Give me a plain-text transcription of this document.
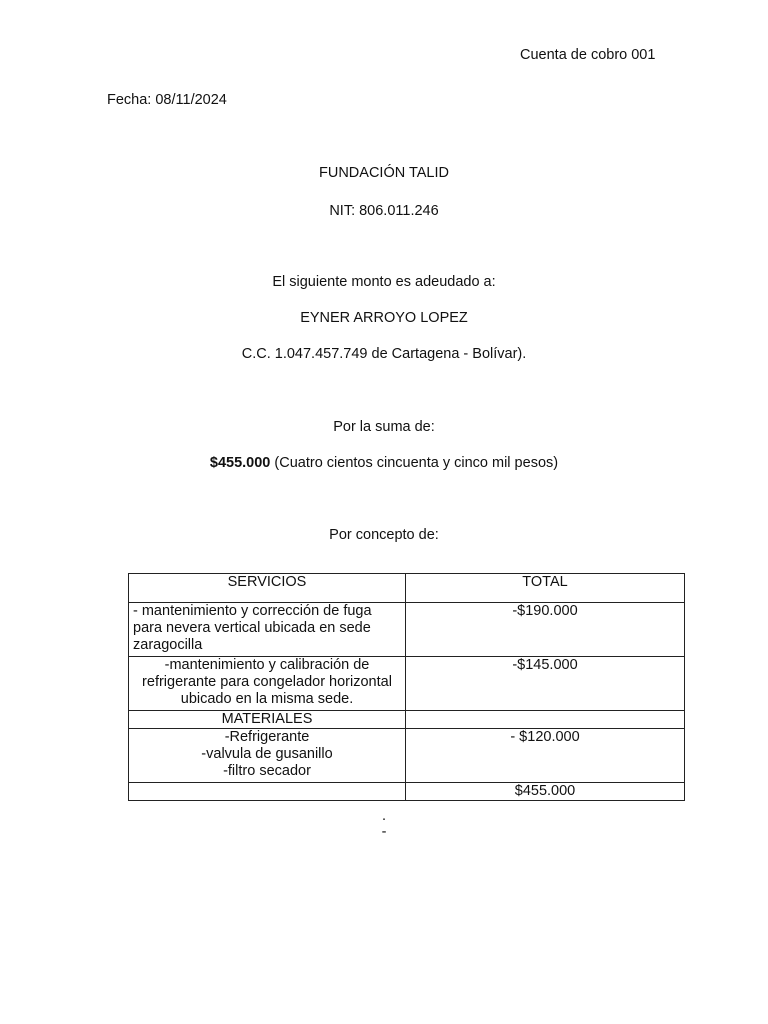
Cuenta de cobro 001
Fecha: 08/11/2024
FUNDACIÓN TALID
NIT: 806.011.246
El siguiente monto es adeudado a:
EYNER ARROYO LOPEZ
C.C. 1.047.457.749 de Cartagena - Bolívar).
Por la suma de:
$455.000 (Cuatro cientos cincuenta y cinco mil pesos)
Por concepto de:
SERVICIOS	TOTAL
- mantenimiento y corrección de fuga para nevera vertical ubicada en sede zaragocilla	-$190.000
-mantenimiento y calibración de refrigerante para congelador horizontal ubicado en la misma sede.	-$145.000
MATERIALES	

-Refrigerante
-valvula de gusanillo
-filtro secador	- $120.000
	$455.000
.
-
